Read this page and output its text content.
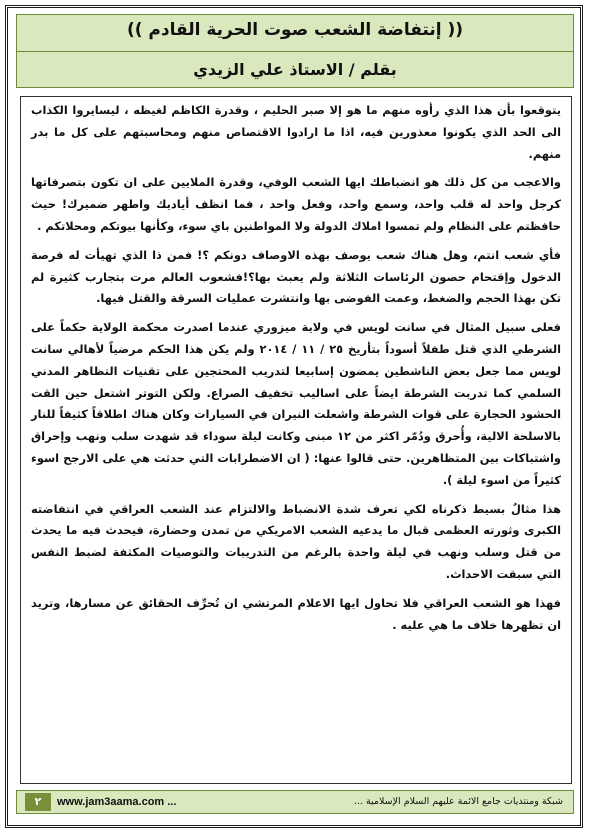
(( إنتفاضة الشعب صوت الحرية القادم ))
بقلم / الاستاذ علي الزيدي

يتوقعوا بأن هذا الذي رأوه منهم ما هو إلا صبر الحليم ، وقدرة الكاظم لغيظه ، ليسايروا الكذاب الى الحد الذي يكونوا معذورين فيه، اذا ما ارادوا الاقتصاص منهم ومحاسبتهم على كل ما بدر منهم.

والاعجب من كل ذلك هو انضباطك ايها الشعب الوفي، وقدرة الملايين على ان تكون بتصرفاتها كرجل واحد له قلب واحد، وسمع واحد، وفعل واحد ، فما انظف أياديك واطهر ضميرك! حيث حافظتم على النظام ولم تمسوا املاك الدولة ولا المواطنين باي سوء، وكأنها بيوتكم ومحلاتكم .

فأي شعب انتم، وهل هناك شعب يوصف بهذه الاوصاف دونكم ؟! فمن ذا الذي تهيأت له فرصة الدخول وإقتحام حصون الرئاسات الثلاثة ولم يعبث بها؟!فشعوب العالم مرت بتجارب كثيرة لم تكن بهذا الحجم والضغط، وعمت الفوضى بها وانتشرت عمليات السرقة والقتل فيها.

فعلى سبيل المثال في سانت لويس في ولاية ميزوري عندما اصدرت محكمة الولاية حكماً على الشرطي الذي قتل طفلاً أسوداً بتأريخ ٢٥ / ١١ / ٢٠١٤ ولم يكن هذا الحكم مرضياً لأهالي سانت لويس مما جعل بعض الناشطين يمضون إسابيعا لتدريب المحتجين على تقنيات التظاهر المدني السلمي كما تدربت الشرطة ايضاً على اساليب تخفيف الصراع. ولكن التوتر اشتعل حين القت الحشود الحجارة على قوات الشرطة واشعلت النيران في السيارات وكان هناك اطلاقاً كثيفاً للنار بالاسلحة الالية، وأُحرق ودُمّر اكثر من ١٢ مبنى وكانت ليلة سوداء قد شهدت سلب ونهب وإحراق واشتباكات بين المتظاهرين. حتى قالوا عنها: ( ان الاضطرابات التي حدثت هي على الارجح اسوء كثيراً من اسوء ليلة ).

هذا مثالٌ بسيط ذكرناه لكي تعرف شدة الانضباط والالتزام عند الشعب العراقي في انتفاضته الكبرى وثورته العظمى قبال ما يدعيه الشعب الامريكي من تمدن وحضارة، فيحدث فيه ما يحدث من قتل وسلب ونهب في ليلة واحدة بالرغم من التدريبات والتوصيات المكثفة لضبط النفس التي سبقت الاحداث.

فهذا هو الشعب العراقي فلا تحاول ايها الاعلام المرتشي ان تُحرِّف الحقائق عن مسارها، وتريد ان تظهرها خلاف ما هي عليه .

٢	www.jam3aama.com ...	شبكة ومنتديات جامع الائمة عليهم السلام الإسلامية ...
